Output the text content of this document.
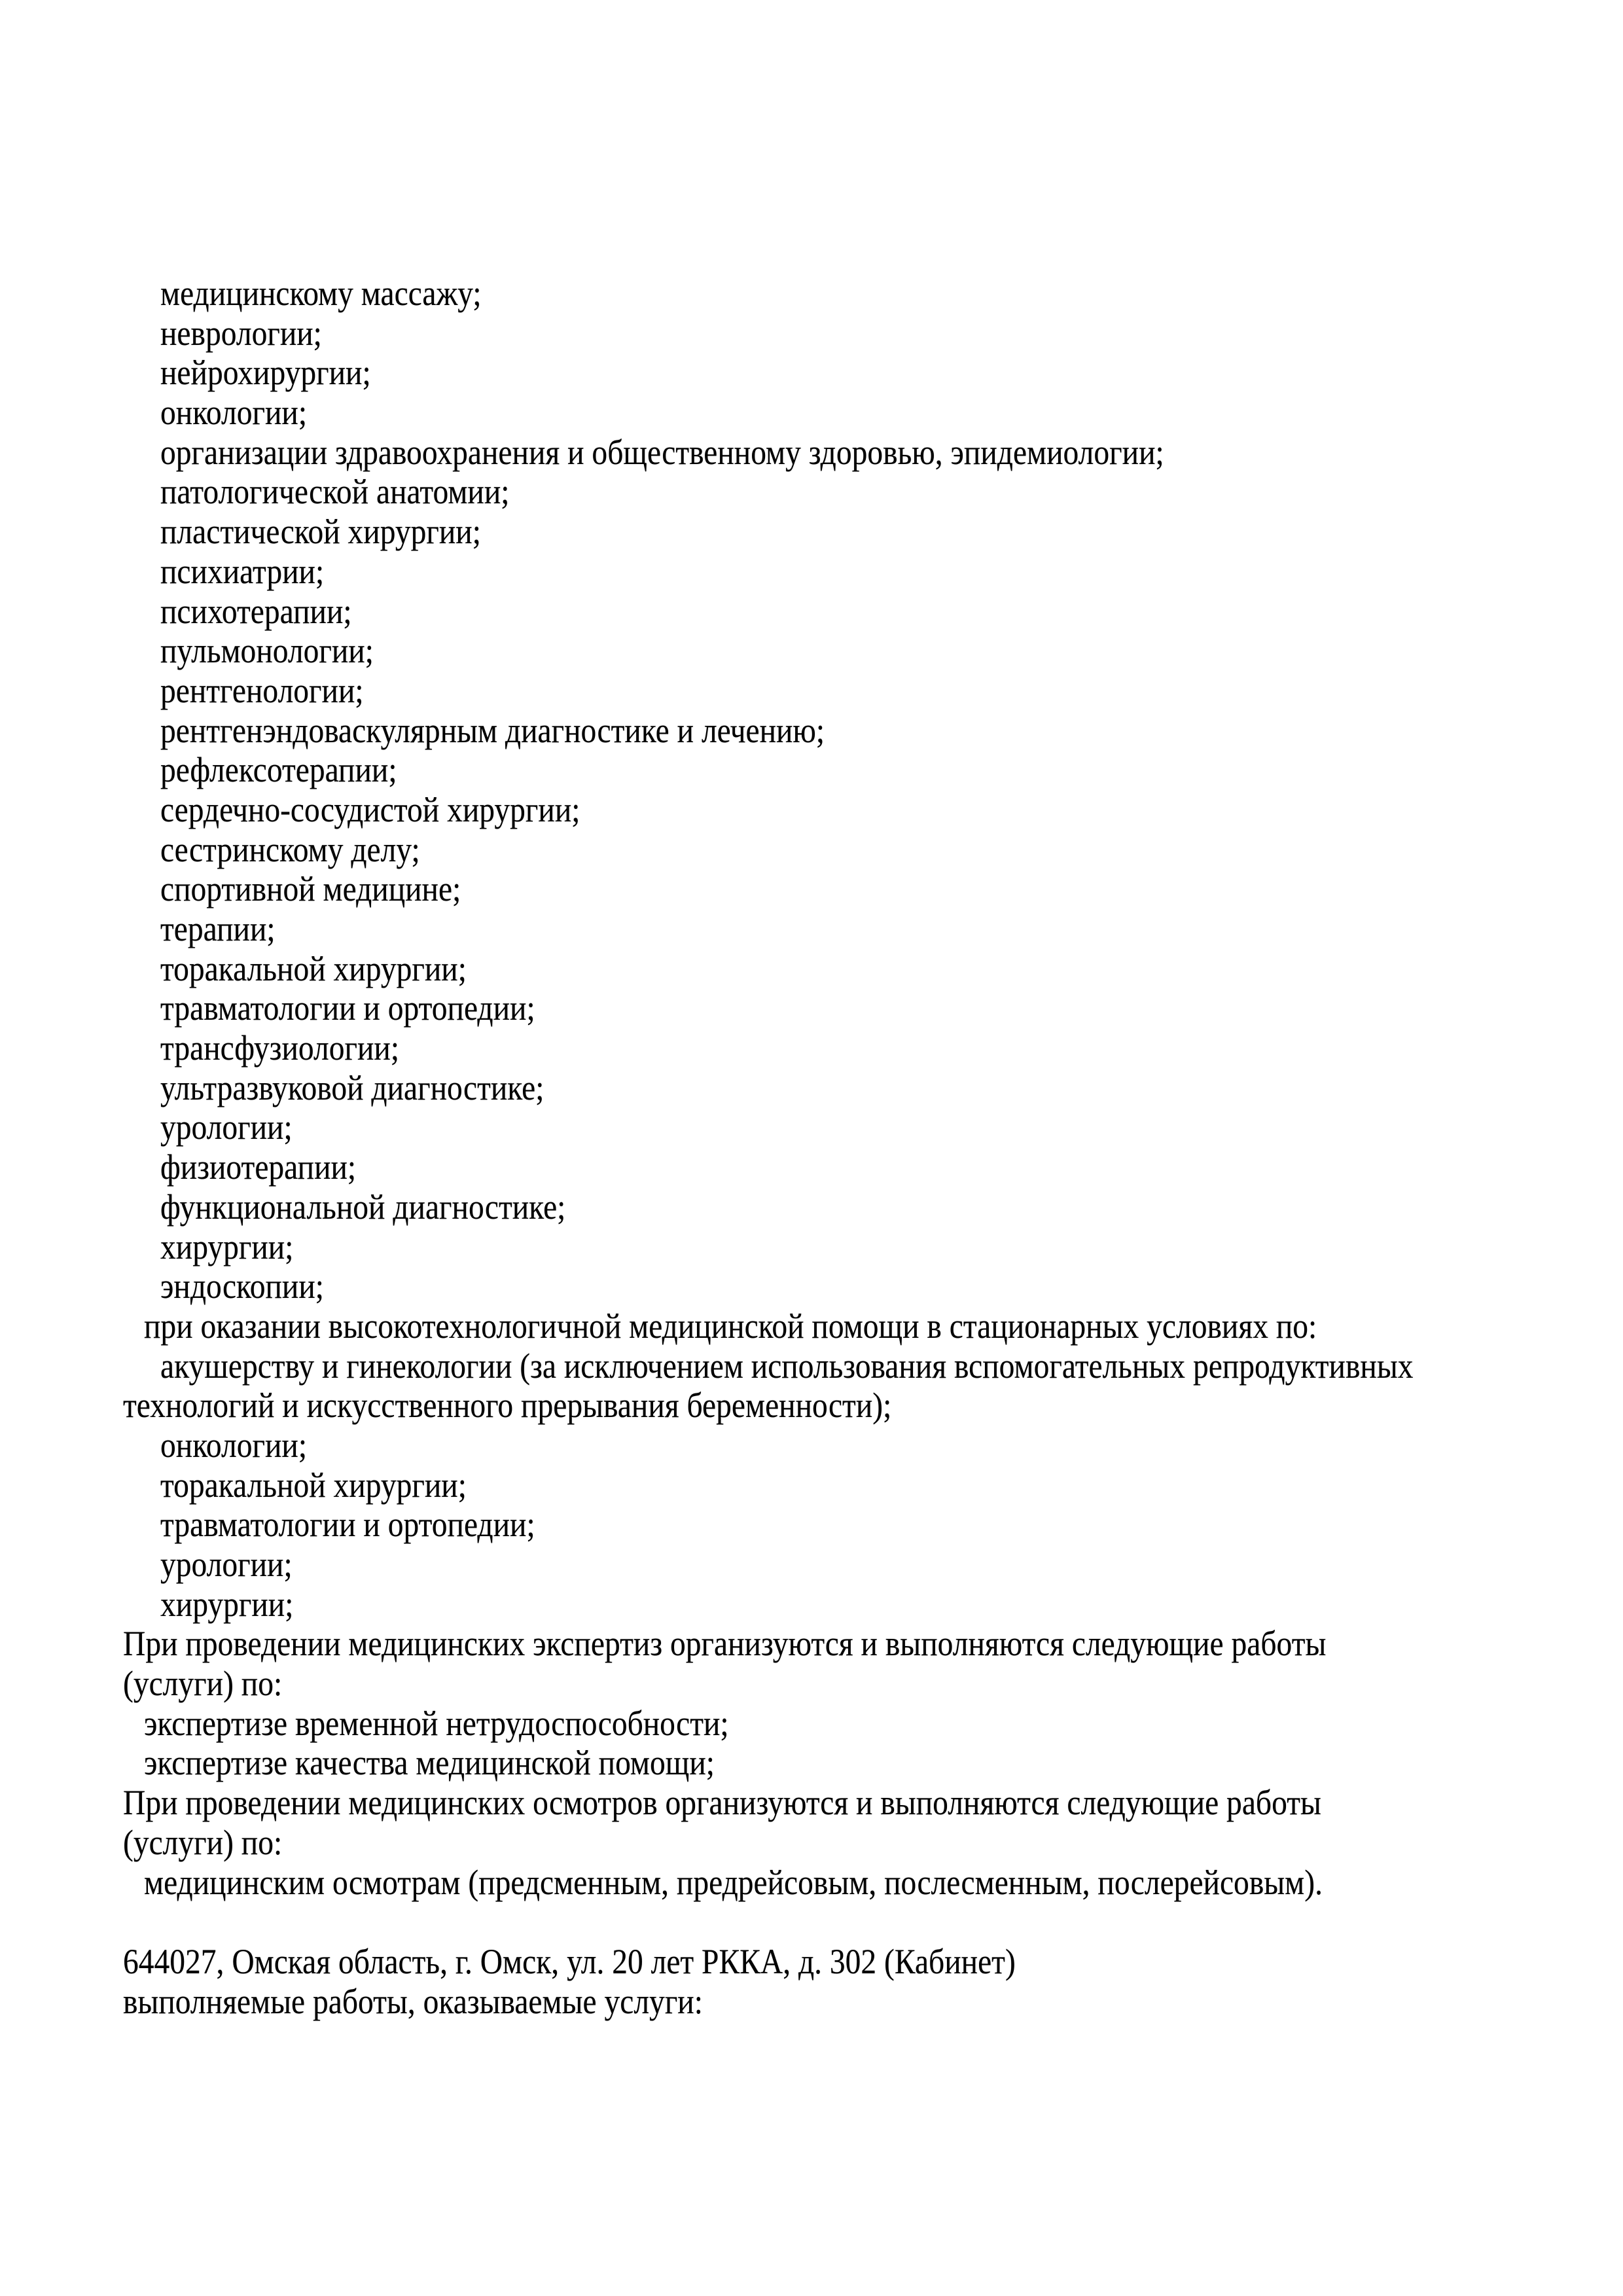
медицинскому массажу;
неврологии;
нейрохирургии;
онкологии;
организации здравоохранения и общественному здоровью, эпидемиологии;
патологической анатомии;
пластической хирургии;
психиатрии;
психотерапии;
пульмонологии;
рентгенологии;
рентгенэндоваскулярным диагностике и лечению;
рефлексотерапии;
сердечно-сосудистой хирургии;
сестринскому делу;
спортивной медицине;
терапии;
торакальной хирургии;
травматологии и ортопедии;
трансфузиологии;
ультразвуковой диагностике;
урологии;
физиотерапии;
функциональной диагностике;
хирургии;
эндоскопии;
при оказании высокотехнологичной медицинской помощи в стационарных условиях по:
акушерству и гинекологии (за исключением использования вспомогательных репродуктивных
технологий и искусственного прерывания беременности);
онкологии;
торакальной хирургии;
травматологии и ортопедии;
урологии;
хирургии;
При проведении медицинских экспертиз организуются и выполняются следующие работы
(услуги) по:
экспертизе временной нетрудоспособности;
экспертизе качества медицинской помощи;
При проведении медицинских осмотров организуются и выполняются следующие работы
(услуги) по:
медицинским осмотрам (предсменным, предрейсовым, послесменным, послерейсовым).
644027, Омская область, г. Омск, ул. 20 лет РККА, д. 302 (Кабинет)
выполняемые работы, оказываемые услуги:
